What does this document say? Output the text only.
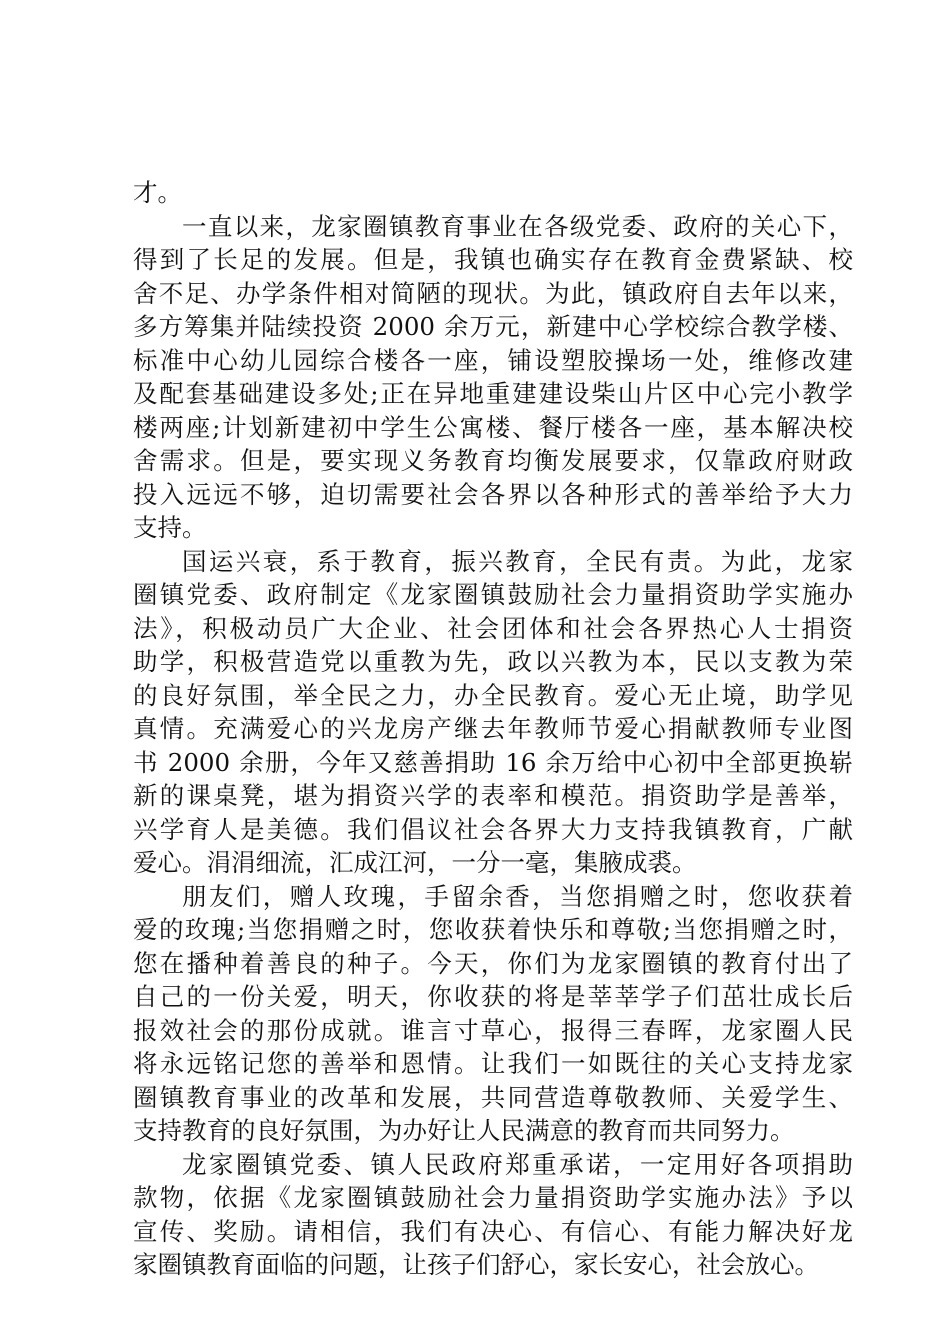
才。
一直以来，龙家圈镇教育事业在各级党委、政府的关心下，
得到了长足的发展。但是，我镇也确实存在教育金费紧缺、校
舍不足、办学条件相对简陋的现状。为此，镇政府自去年以来，
多方筹集并陆续投资 2000 余万元，新建中心学校综合教学楼、
标准中心幼儿园综合楼各一座，铺设塑胶操场一处，维修改建
及配套基础建设多处;正在异地重建建设柴山片区中心完小教学
楼两座;计划新建初中学生公寓楼、餐厅楼各一座，基本解决校
舍需求。但是，要实现义务教育均衡发展要求，仅靠政府财政
投入远远不够，迫切需要社会各界以各种形式的善举给予大力
支持。
国运兴衰，系于教育，振兴教育，全民有责。为此，龙家
圈镇党委、政府制定《龙家圈镇鼓励社会力量捐资助学实施办
法》，积极动员广大企业、社会团体和社会各界热心人士捐资
助学，积极营造党以重教为先，政以兴教为本，民以支教为荣
的良好氛围，举全民之力，办全民教育。爱心无止境，助学见
真情。充满爱心的兴龙房产继去年教师节爱心捐献教师专业图
书 2000 余册，今年又慈善捐助 16 余万给中心初中全部更换崭
新的课桌凳，堪为捐资兴学的表率和模范。捐资助学是善举，
兴学育人是美德。我们倡议社会各界大力支持我镇教育，广献
爱心。涓涓细流，汇成江河，一分一毫，集腋成裘。
朋友们，赠人玫瑰，手留余香，当您捐赠之时，您收获着
爱的玫瑰;当您捐赠之时，您收获着快乐和尊敬;当您捐赠之时，
您在播种着善良的种子。今天，你们为龙家圈镇的教育付出了
自己的一份关爱，明天，你收获的将是莘莘学子们茁壮成长后
报效社会的那份成就。谁言寸草心，报得三春晖，龙家圈人民
将永远铭记您的善举和恩情。让我们一如既往的关心支持龙家
圈镇教育事业的改革和发展，共同营造尊敬教师、关爱学生、
支持教育的良好氛围，为办好让人民满意的教育而共同努力。
龙家圈镇党委、镇人民政府郑重承诺，一定用好各项捐助
款物，依据《龙家圈镇鼓励社会力量捐资助学实施办法》予以
宣传、奖励。请相信，我们有决心、有信心、有能力解决好龙
家圈镇教育面临的问题，让孩子们舒心，家长安心，社会放心。
